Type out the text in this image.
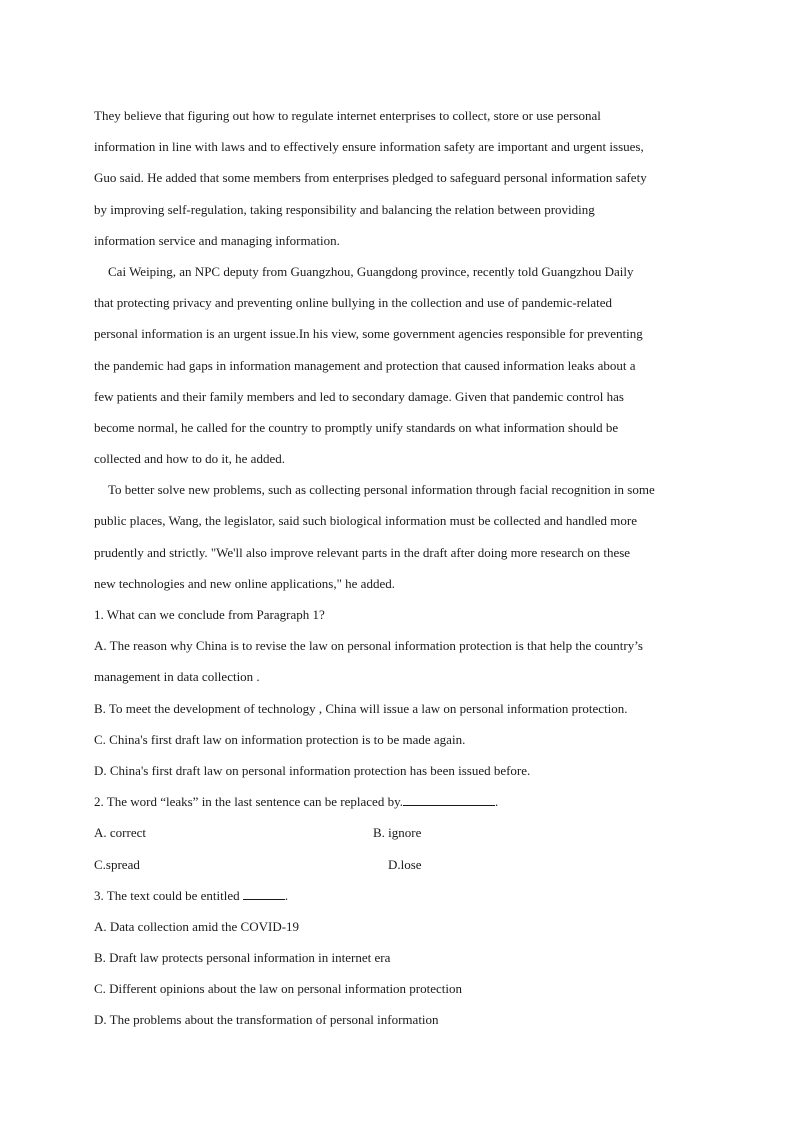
They believe that figuring out how to regulate internet enterprises to collect, store or use personal
information in line with laws and to effectively ensure information safety are important and urgent issues,
Guo said. He added that some members from enterprises pledged to safeguard personal information safety
by improving self-regulation, taking responsibility and balancing the relation between providing
information service and managing information.
Cai Weiping, an NPC deputy from Guangzhou, Guangdong province, recently told Guangzhou Daily
that protecting privacy and preventing online bullying in the collection and use of pandemic-related
personal information is an urgent issue.In his view, some government agencies responsible for preventing
the pandemic had gaps in information management and protection that caused information leaks about a
few patients and their family members and led to secondary damage. Given that pandemic control has
become normal, he called for the country to promptly unify standards on what information should be
collected and how to do it, he added.
To better solve new problems, such as collecting personal information through facial recognition in some
public places, Wang, the legislator, said such biological information must be collected and handled more
prudently and strictly. "We'll also improve relevant parts in the draft after doing more research on these
new technologies and new online applications," he added.
1. What can we conclude from Paragraph 1?
A. The reason why China is to revise the law on personal information protection is that help the country’s
management in data collection .
B. To meet the development of technology , China will issue a law on personal information protection.
C. China's first draft law on information protection is to be made again.
D. China's first draft law on personal information protection has been issued before.
2. The word “leaks” in the last sentence can be replaced by.	.
A. correct	B. ignore
C.spread	D.lose
3. The text could be entitled	.
A. Data collection amid the COVID-19
B. Draft law protects personal information in internet era
C. Different opinions about the law on personal information protection
D. The problems about the transformation of personal information
